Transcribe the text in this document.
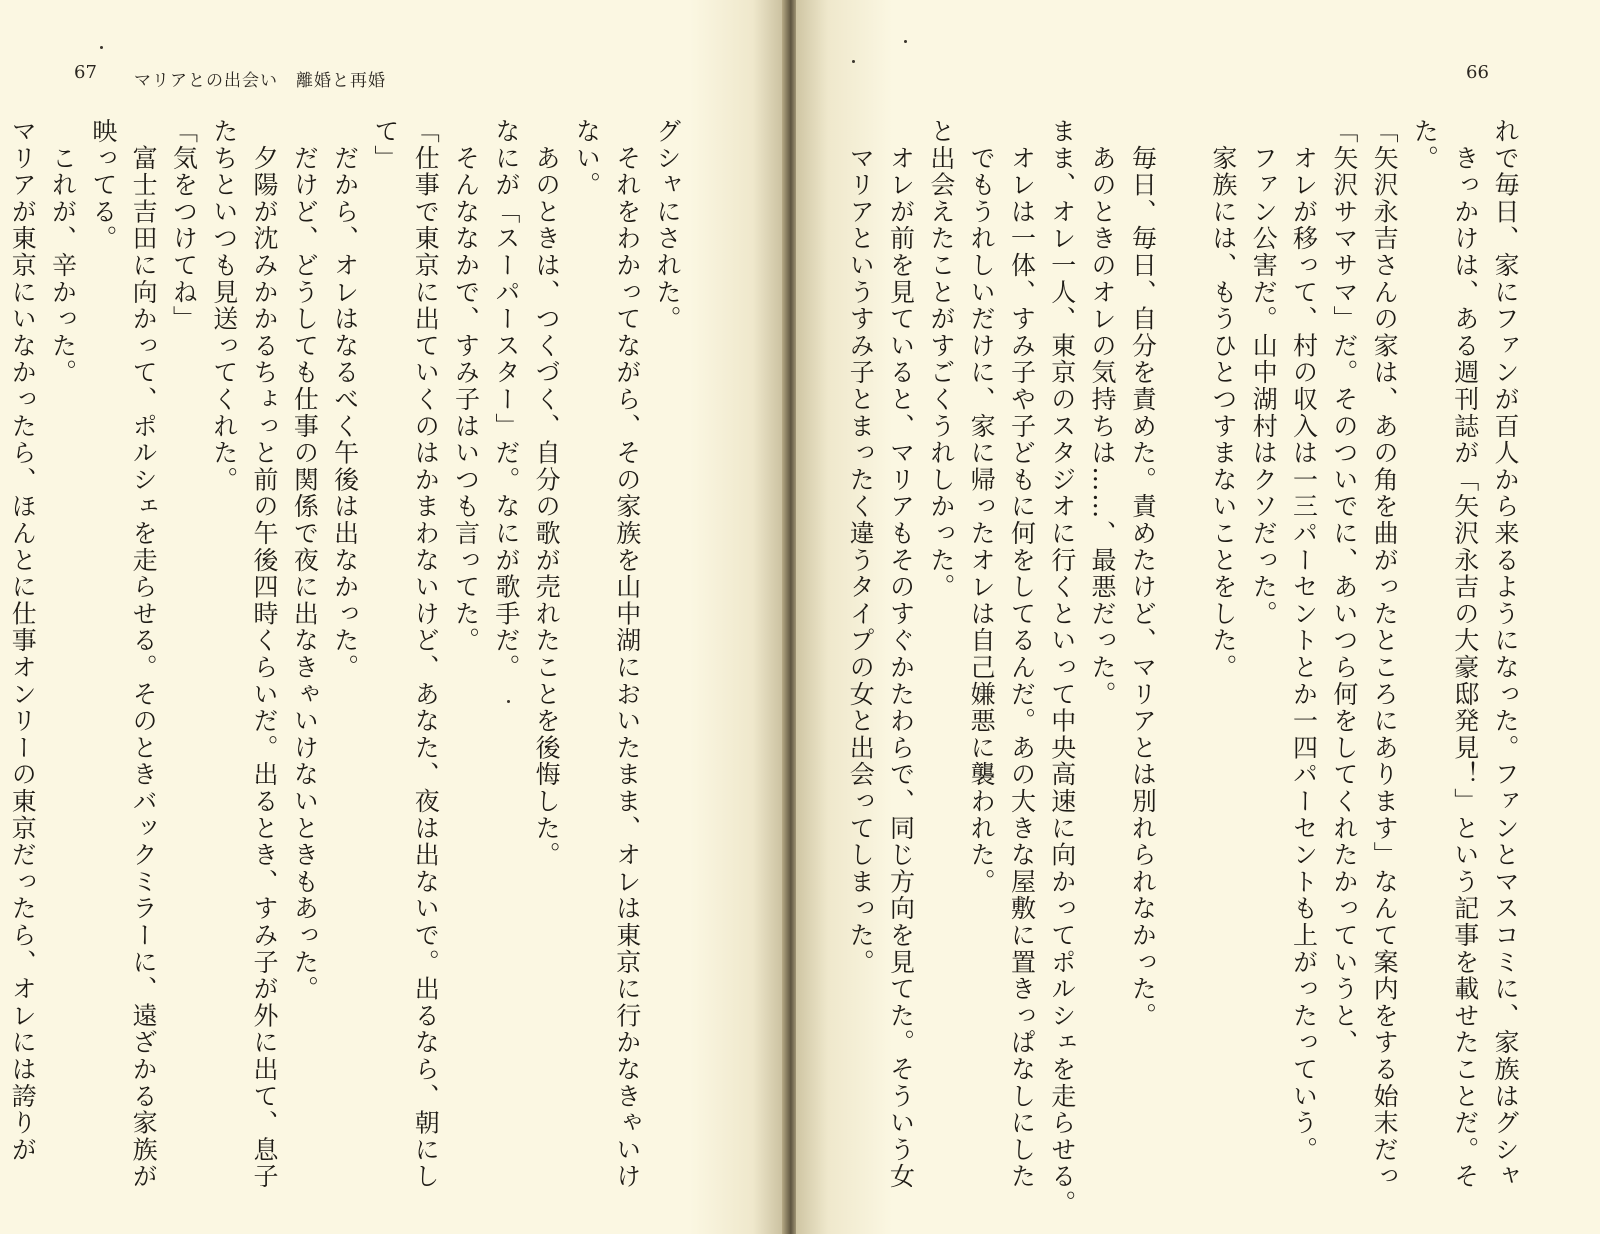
67 マリアとの出会い　離婚と再婚
グシャにされた。
　それをわかってながら、その家族を山中湖においたまま、オレは東京に行かなきゃいけ
ない。
　あのときは、つくづく、自分の歌が売れたことを後悔した。
なにが「スーパースター」だ。なにが歌手だ。
　そんななかで、すみ子はいつも言ってた。
「仕事で東京に出ていくのはかまわないけど、あなた、夜は出ないで。出るなら、朝にし
て」
　だから、オレはなるべく午後は出なかった。
　だけど、どうしても仕事の関係で夜に出なきゃいけないときもあった。
　夕陽が沈みかかるちょっと前の午後四時くらいだ。出るとき、すみ子が外に出て、息子
たちといつも見送ってくれた。
「気をつけてね」
　富士吉田に向かって、ポルシェを走らせる。そのときバックミラーに、遠ざかる家族が
映ってる。
　これが、辛かった。
マリアが東京にいなかったら、ほんとに仕事オンリーの東京だったら、オレには誇りが
66
れで毎日、家にファンが百人から来るようになった。ファンとマスコミに、家族はグシャ
　きっかけは、ある週刊誌が「矢沢永吉の大豪邸発見！」という記事を載せたことだ。そ
た。
「矢沢永吉さんの家は、あの角を曲がったところにあります」なんて案内をする始末だっ
「矢沢サマサマ」だ。そのついでに、あいつら何をしてくれたかっていうと、
　オレが移って、村の収入は一三パーセントとか一四パーセントも上がったっていう。
　ファン公害だ。山中湖村はクソだった。
　家族には、もうひとつすまないことをした。
　毎日、毎日、自分を責めた。責めたけど、マリアとは別れられなかった。
　あのときのオレの気持ちは……、最悪だった。
まま、オレ一人、東京のスタジオに行くといって中央高速に向かってポルシェを走らせる。
　オレは一体、すみ子や子どもに何をしてるんだ。あの大きな屋敷に置きっぱなしにした
　でもうれしいだけに、家に帰ったオレは自己嫌悪に襲われた。
と出会えたことがすごくうれしかった。
　オレが前を見ていると、マリアもそのすぐかたわらで、同じ方向を見てた。そういう女
　マリアというすみ子とまったく違うタイプの女と出会ってしまった。
